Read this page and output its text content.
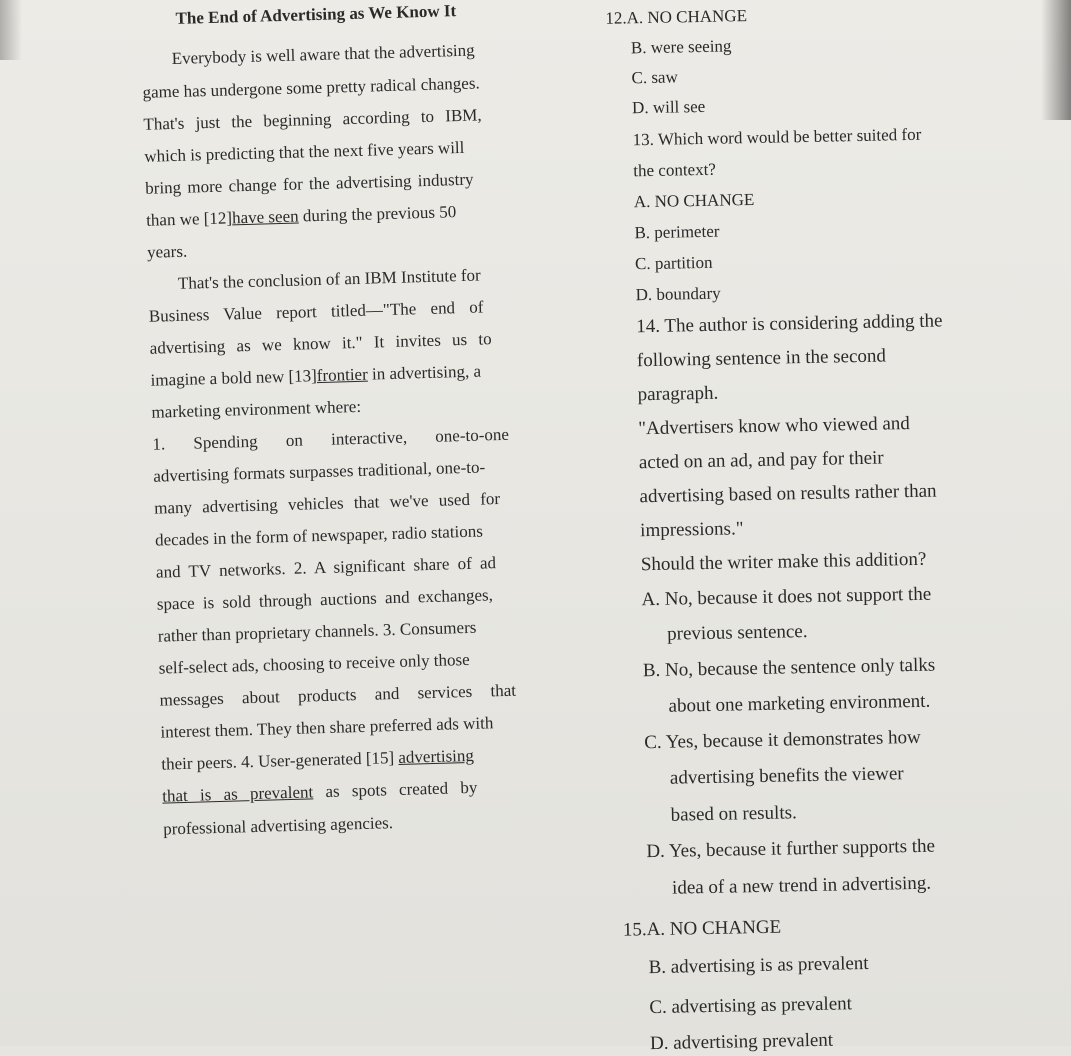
The End of Advertising as We Know It
Everybody is well aware that the advertising
game has undergone some pretty radical changes.
That's just the beginning according to IBM,
which is predicting that the next five years will
bring more change for the advertising industry
than we [12]have seen during the previous 50
years.
That's the conclusion of an IBM Institute for
Business Value report titled—"The end of
advertising as we know it." It invites us to
imagine a bold new [13]frontier in advertising, a
marketing environment where:
1. Spending on interactive, one-to-one
advertising formats surpasses traditional, one-to-
many advertising vehicles that we've used for
decades in the form of newspaper, radio stations
and TV networks. 2. A significant share of ad
space is sold through auctions and exchanges,
rather than proprietary channels. 3. Consumers
self-select ads, choosing to receive only those
messages about products and services that
interest them. They then share preferred ads with
their peers. 4. User-generated [15] advertising
that is as prevalent as spots created by
professional advertising agencies.
12.A. NO CHANGE
B. were seeing
C. saw
D. will see
13. Which word would be better suited for
the context?
A. NO CHANGE
B. perimeter
C. partition
D. boundary
14. The author is considering adding the
following sentence in the second
paragraph.
"Advertisers know who viewed and
acted on an ad, and pay for their
advertising based on results rather than
impressions."
Should the writer make this addition?
A. No, because it does not support the
previous sentence.
B. No, because the sentence only talks
about one marketing environment.
C. Yes, because it demonstrates how
advertising benefits the viewer
based on results.
D. Yes, because it further supports the
idea of a new trend in advertising.
15.A. NO CHANGE
B. advertising is as prevalent
C. advertising as prevalent
D. advertising prevalent
